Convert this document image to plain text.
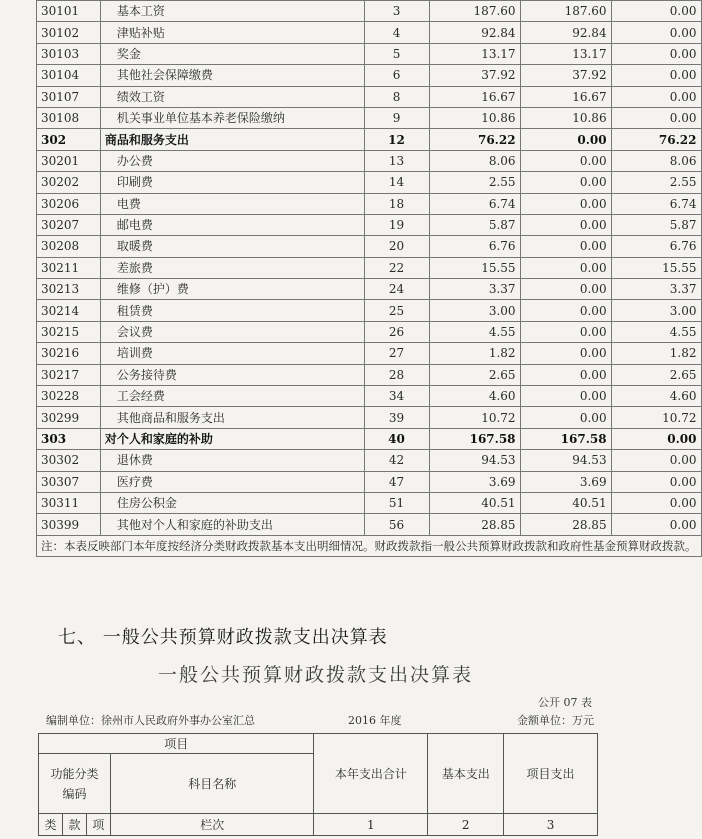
30101	基本工资	3	187.60	187.60	0.00
30102	津贴补贴	4	92.84	92.84	0.00
30103	奖金	5	13.17	13.17	0.00
30104	其他社会保障缴费	6	37.92	37.92	0.00
30107	绩效工资	8	16.67	16.67	0.00
30108	机关事业单位基本养老保险缴纳	9	10.86	10.86	0.00
302	商品和服务支出	12	76.22	0.00	76.22
30201	办公费	13	8.06	0.00	8.06
30202	印刷费	14	2.55	0.00	2.55
30206	电费	18	6.74	0.00	6.74
30207	邮电费	19	5.87	0.00	5.87
30208	取暖费	20	6.76	0.00	6.76
30211	差旅费	22	15.55	0.00	15.55
30213	维修（护）费	24	3.37	0.00	3.37
30214	租赁费	25	3.00	0.00	3.00
30215	会议费	26	4.55	0.00	4.55
30216	培训费	27	1.82	0.00	1.82
30217	公务接待费	28	2.65	0.00	2.65
30228	工会经费	34	4.60	0.00	4.60
30299	其他商品和服务支出	39	10.72	0.00	10.72
303	对个人和家庭的补助	40	167.58	167.58	0.00
30302	退休费	42	94.53	94.53	0.00
30307	医疗费	47	3.69	3.69	0.00
30311	住房公积金	51	40.51	40.51	0.00
30399	其他对个人和家庭的补助支出	56	28.85	28.85	0.00
注：本表反映部门本年度按经济分类财政拨款基本支出明细情况。财政拨款指一般公共预算财政拨款和政府性基金预算财政拨款。					
七、 一般公共预算财政拨款支出决算表
一般公共预算财政拨款支出决算表
公开 07 表
编制单位：徐州市人民政府外事办公室汇总	2016 年度	金额单位：万元
项目				本年支出合计	基本支出	项目支出
功能分类编码			科目名称			
类	款	项	栏次	1	2	3
